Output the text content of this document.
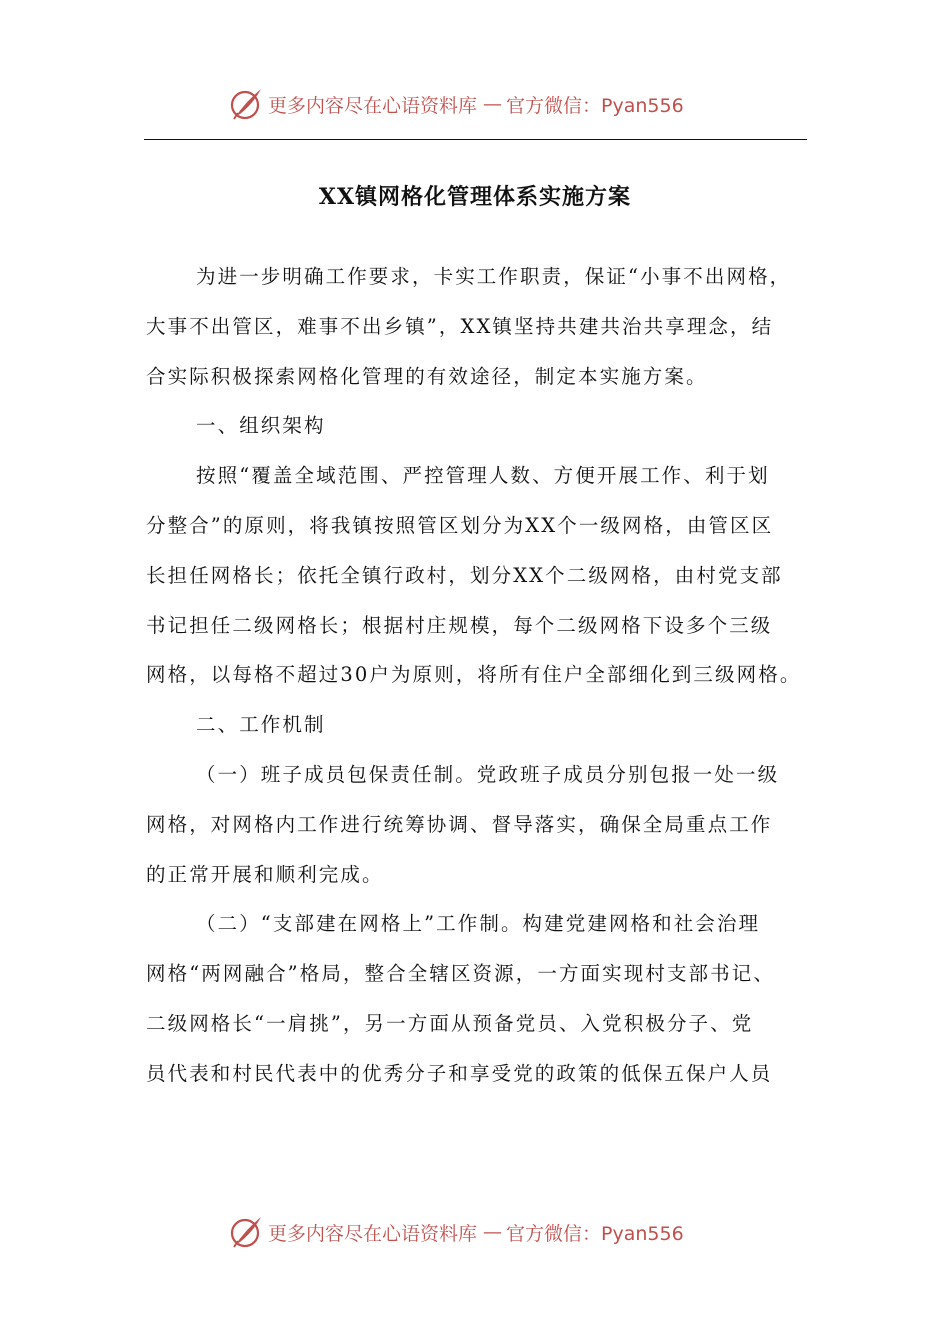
更多内容尽在心语资料库 — 官方微信：Pyan556
XX镇网格化管理体系实施方案
为进一步明确工作要求，卡实工作职责，保证“小事不出网格，
大事不出管区，难事不出乡镇”，XX镇坚持共建共治共享理念，结
合实际积极探索网格化管理的有效途径，制定本实施方案。
一、组织架构
按照“覆盖全域范围、严控管理人数、方便开展工作、利于划
分整合”的原则，将我镇按照管区划分为XX个一级网格，由管区区
长担任网格长；依托全镇行政村，划分XX个二级网格，由村党支部
书记担任二级网格长；根据村庄规模，每个二级网格下设多个三级
网格，以每格不超过30户为原则，将所有住户全部细化到三级网格。
二、工作机制
（一）班子成员包保责任制。党政班子成员分别包报一处一级
网格，对网格内工作进行统筹协调、督导落实，确保全局重点工作
的正常开展和顺利完成。
（二）“支部建在网格上”工作制。构建党建网格和社会治理
网格“两网融合”格局，整合全辖区资源，一方面实现村支部书记、
二级网格长“一肩挑”，另一方面从预备党员、入党积极分子、党
员代表和村民代表中的优秀分子和享受党的政策的低保五保户人员
更多内容尽在心语资料库 — 官方微信：Pyan556
